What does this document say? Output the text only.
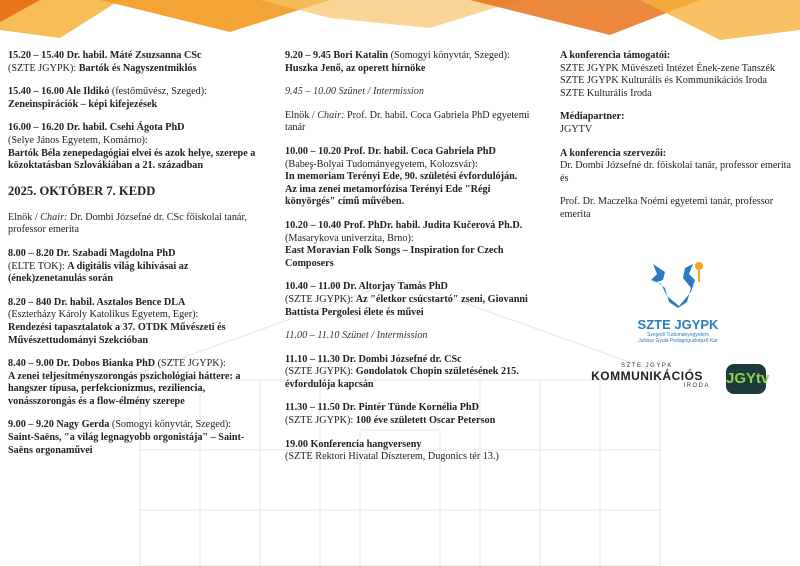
15.20 – 15.40 Dr. habil. Máté Zsuzsanna CSc
(SZTE JGYPK): Bartók és Nagyszentmiklós
15.40 – 16.00 Ale Ildikó (festőművész, Szeged):
Zeneinspirációk – képi kifejezések
16.00 – 16.20 Dr. habil. Csehi Ágota PhD
(Selye János Egyetem, Komárno):
Bartók Béla zenepedagógiai elvei és azok helye, szerepe a közoktatásban Szlovákiában a 21. században
2025. OKTÓBER 7. KEDD
Elnök / Chair: Dr. Dombi Józsefné dr. CSc főiskolai tanár, professor emerita
8.00 – 8.20 Dr. Szabadi Magdolna PhD
(ELTE TOK): A digitális világ kihívásai az (ének)zenetanulás során
8.20 – 840 Dr. habil. Asztalos Bence DLA
(Eszterházy Károly Katolikus Egyetem, Eger):
Rendezési tapasztalatok a 37. OTDK Művészeti és Művészettudományi Szekcióban
8.40 – 9.00 Dr. Dobos Bianka PhD (SZTE JGYPK):
A zenei teljesítményszorongás pszichológiai háttere: a hangszer típusa, perfekcionizmus, reziliencia, vonásszorongás és a flow-élmény szerepe
9.00 – 9.20 Nagy Gerda (Somogyi könyvtár, Szeged):
Saint-Saëns, "a világ legnagyobb orgonistája" – Saint-Saëns orgonaművei
9.20 – 9.45 Bori Katalin (Somogyi könyvtár, Szeged): Huszka Jenő, az operett hírnöke
9.45 – 10.00 Szünet / Intermission
Elnök / Chair: Prof. Dr. habil. Coca Gabriela PhD egyetemi tanár
10.00 – 10.20 Prof. Dr. habil. Coca Gabriela PhD
(Babeş-Bolyai Tudományegyetem, Kolozsvár):
In memoriam Terényi Ede, 90. születési évfordulóján. Az ima zenei metamorfózisa Terényi Ede "Régi könyörgés" című művében.
10.20 – 10.40 Prof. PhDr. habil. Judita Kučerová Ph.D. (Masarykova univerzita, Brno):
East Moravian Folk Songs – Inspiration for Czech Composers
10.40 – 11.00 Dr. Altorjay Tamás PhD
(SZTE JGYPK): Az "életkor csúcstartó" zseni, Giovanni Battista Pergolesi élete és művei
11.00 – 11.10 Szünet / Intermission
11.10 – 11.30 Dr. Dombi Józsefné dr. CSc
(SZTE JGYPK): Gondolatok Chopin születésének 215. évfordulója kapcsán
11.30 – 11.50 Dr. Pintér Tünde Kornélia PhD
(SZTE JGYPK): 100 éve született Oscar Peterson
19.00 Konferencia hangverseny
(SZTE Rektori Hivatal Díszterem, Dugonics tér 13.)
A konferencia támogatói:
SZTE JGYPK Művészeti Intézet Ének-zene Tanszék
SZTE JGYPK Kulturális és Kommunikációs Iroda
SZTE Kulturális Iroda
Médiapartner:
JGYTV
A konferencia szervezői:
Dr. Dombi Józsefné dr. főiskolai tanár, professor emerita és
Prof. Dr. Maczelka Noémi egyetemi tanár, professor emerita
SZTE JGYPK
Szegedi Tudományegyetem
Juhász Gyula Pedagógusképző Kar
SZTE JGYPK
KOMMUNIKÁCIÓS
IRODA	JGYtv
